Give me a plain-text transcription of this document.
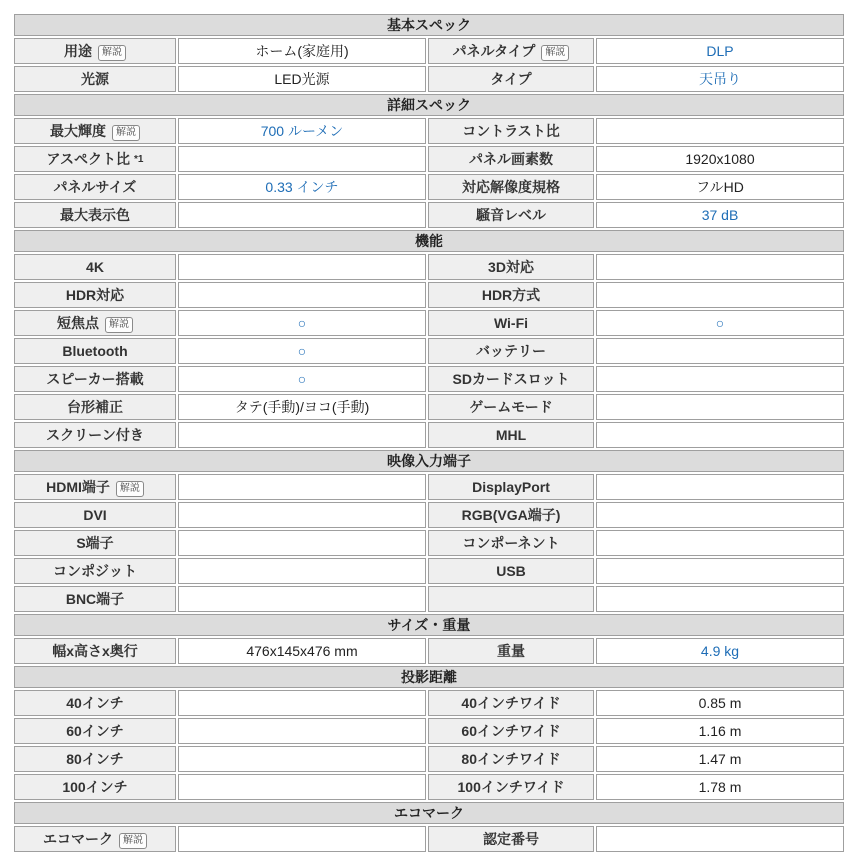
基本スペック			
用途 解説	ホーム(家庭用)	パネルタイプ 解説	DLP
光源	LED光源	タイプ	天吊り
詳細スペック			
最大輝度 解説	700 ルーメン	コントラスト比	
アスペクト比 *1		パネル画素数	1920x1080
パネルサイズ	0.33 インチ	対応解像度規格	フルHD
最大表示色		騒音レベル	37 dB
機能			
4K		3D対応	
HDR対応		HDR方式	
短焦点 解説	○	Wi-Fi	○
Bluetooth	○	バッテリー	
スピーカー搭載	○	SDカードスロット	
台形補正	タテ(手動)/ヨコ(手動)	ゲームモード	
スクリーン付き		MHL	
映像入力端子			
HDMI端子 解説		DisplayPort	
DVI		RGB(VGA端子)	
S端子		コンポーネント	
コンポジット		USB	
BNC端子			
サイズ・重量			
幅x高さx奥行	476x145x476 mm	重量	4.9 kg
投影距離			
40インチ		40インチワイド	0.85 m
60インチ		60インチワイド	1.16 m
80インチ		80インチワイド	1.47 m
100インチ		100インチワイド	1.78 m
エコマーク			
エコマーク 解説		認定番号	
